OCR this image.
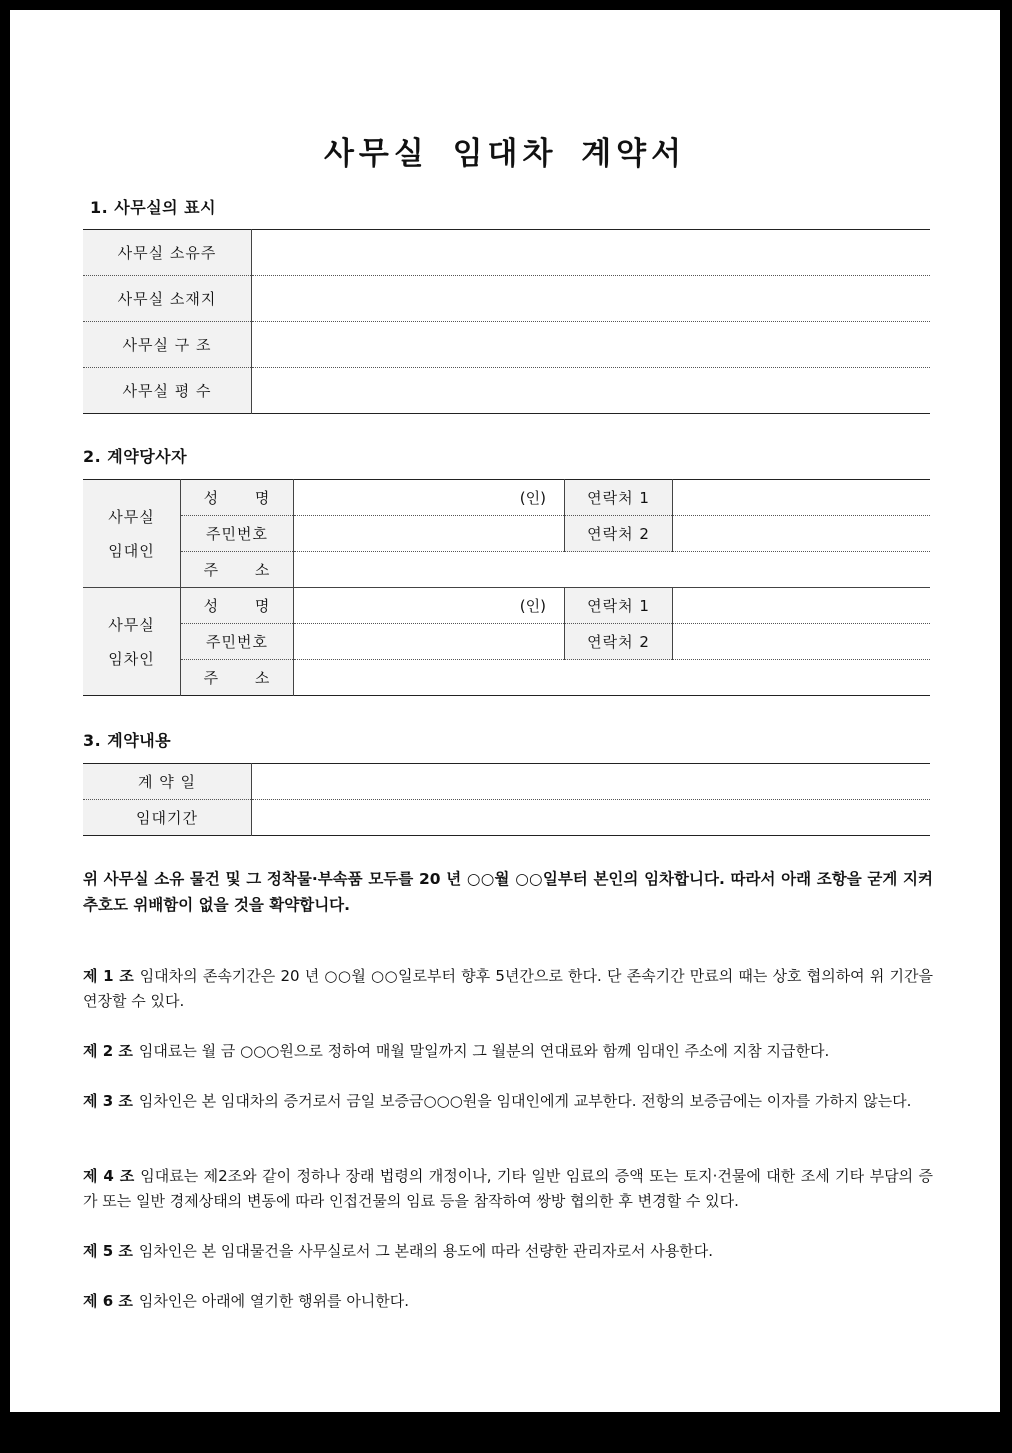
사무실 임대차 계약서
1. 사무실의 표시
사무실 소유주	
사무실 소재지	
사무실 구 조	
사무실 평 수	
2. 계약당사자
사무실
임대인	성 명	(인)	연락처 1	
	주민번호		연락처 2	
	주 소			
사무실
임차인	성 명	(인)	연락처 1	
	주민번호		연락처 2	
	주 소			
3. 계약내용
계 약 일	
임대기간	
위 사무실 소유 물건 및 그 정착물·부속품 모두를 20 년 ○○월 ○○일부터 본인의 임차합니다. 따라서 아래 조항을 굳게 지켜 추호도 위배함이 없을 것을 확약합니다.
제 1 조 임대차의 존속기간은 20 년 ○○월 ○○일로부터 향후 5년간으로 한다. 단 존속기간 만료의 때는 상호 협의하여 위 기간을 연장할 수 있다.
제 2 조 임대료는 월 금 ○○○원으로 정하여 매월 말일까지 그 월분의 연대료와 함께 임대인 주소에 지참 지급한다.
제 3 조 임차인은 본 임대차의 증거로서 금일 보증금○○○원을 임대인에게 교부한다. 전항의 보증금에는 이자를 가하지 않는다.
제 4 조 임대료는 제2조와 같이 정하나 장래 법령의 개정이나, 기타 일반 임료의 증액 또는 토지·건물에 대한 조세 기타 부담의 증가 또는 일반 경제상태의 변동에 따라 인접건물의 임료 등을 참작하여 쌍방 협의한 후 변경할 수 있다.
제 5 조 임차인은 본 임대물건을 사무실로서 그 본래의 용도에 따라 선량한 관리자로서 사용한다.
제 6 조 임차인은 아래에 열기한 행위를 아니한다.
